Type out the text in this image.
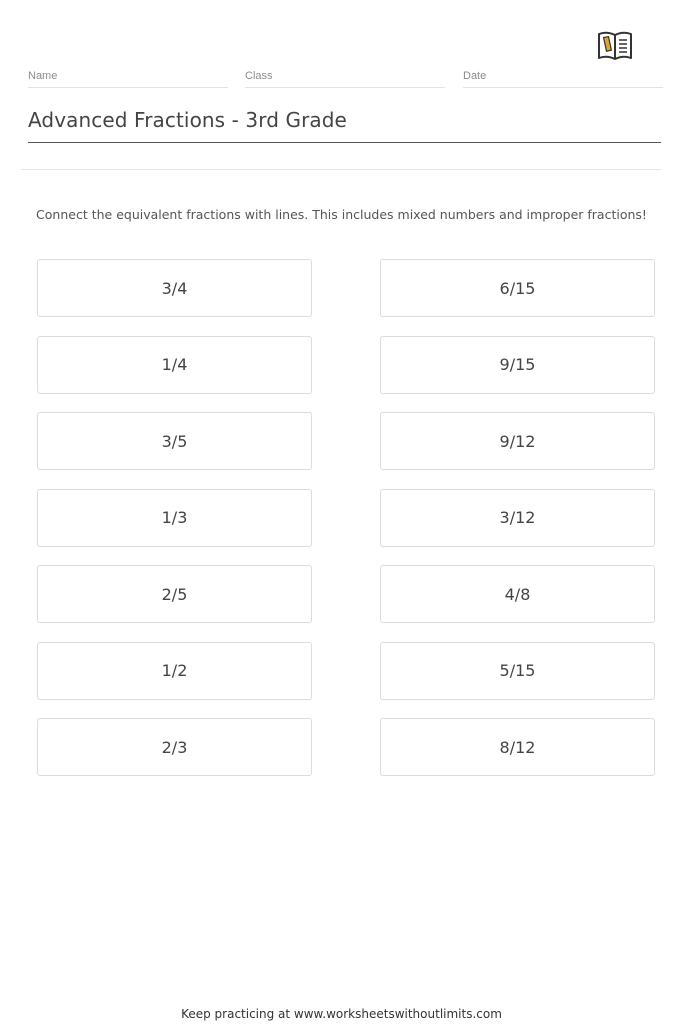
Name	Class	Date
Advanced Fractions - 3rd Grade
Connect the equivalent fractions with lines. This includes mixed numbers and improper fractions!
3/4
1/4
3/5
1/3
2/5
1/2
2/3
6/15
9/15
9/12
3/12
4/8
5/15
8/12
Keep practicing at www.worksheetswithoutlimits.com
